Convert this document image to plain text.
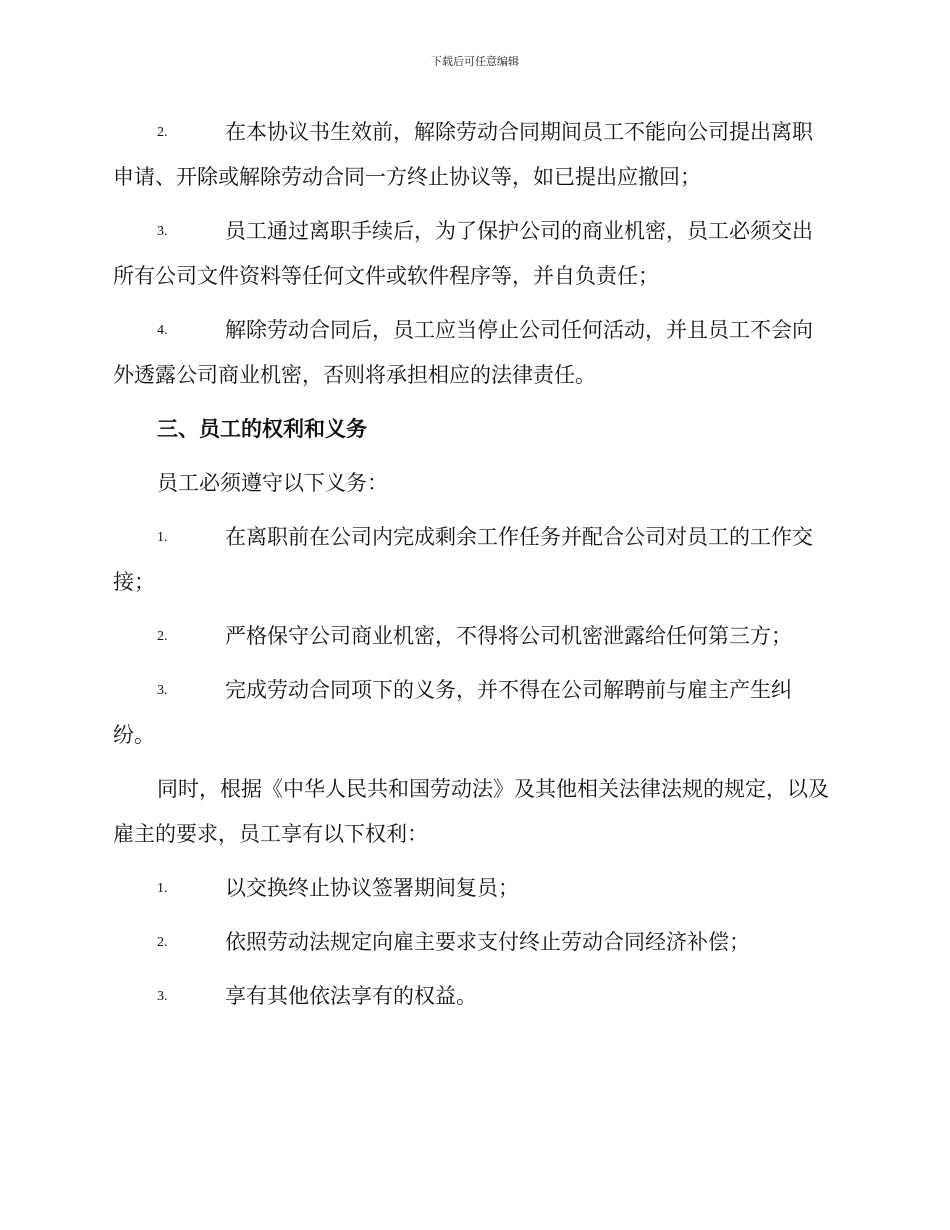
下载后可任意编辑
2.	在本协议书生效前，解除劳动合同期间员工不能向公司提出离职申请、开除或解除劳动合同一方终止协议等，如已提出应撤回；
3.	员工通过离职手续后，为了保护公司的商业机密，员工必须交出所有公司文件资料等任何文件或软件程序等，并自负责任；
4.	解除劳动合同后，员工应当停止公司任何活动，并且员工不会向外透露公司商业机密，否则将承担相应的法律责任。
三、员工的权利和义务
员工必须遵守以下义务：
1.	在离职前在公司内完成剩余工作任务并配合公司对员工的工作交接；
2.	严格保守公司商业机密，不得将公司机密泄露给任何第三方；
3.	完成劳动合同项下的义务，并不得在公司解聘前与雇主产生纠纷。
同时，根据《中华人民共和国劳动法》及其他相关法律法规的规定，以及雇主的要求，员工享有以下权利：
1.	以交换终止协议签署期间复员；
2.	依照劳动法规定向雇主要求支付终止劳动合同经济补偿；
3.	享有其他依法享有的权益。
